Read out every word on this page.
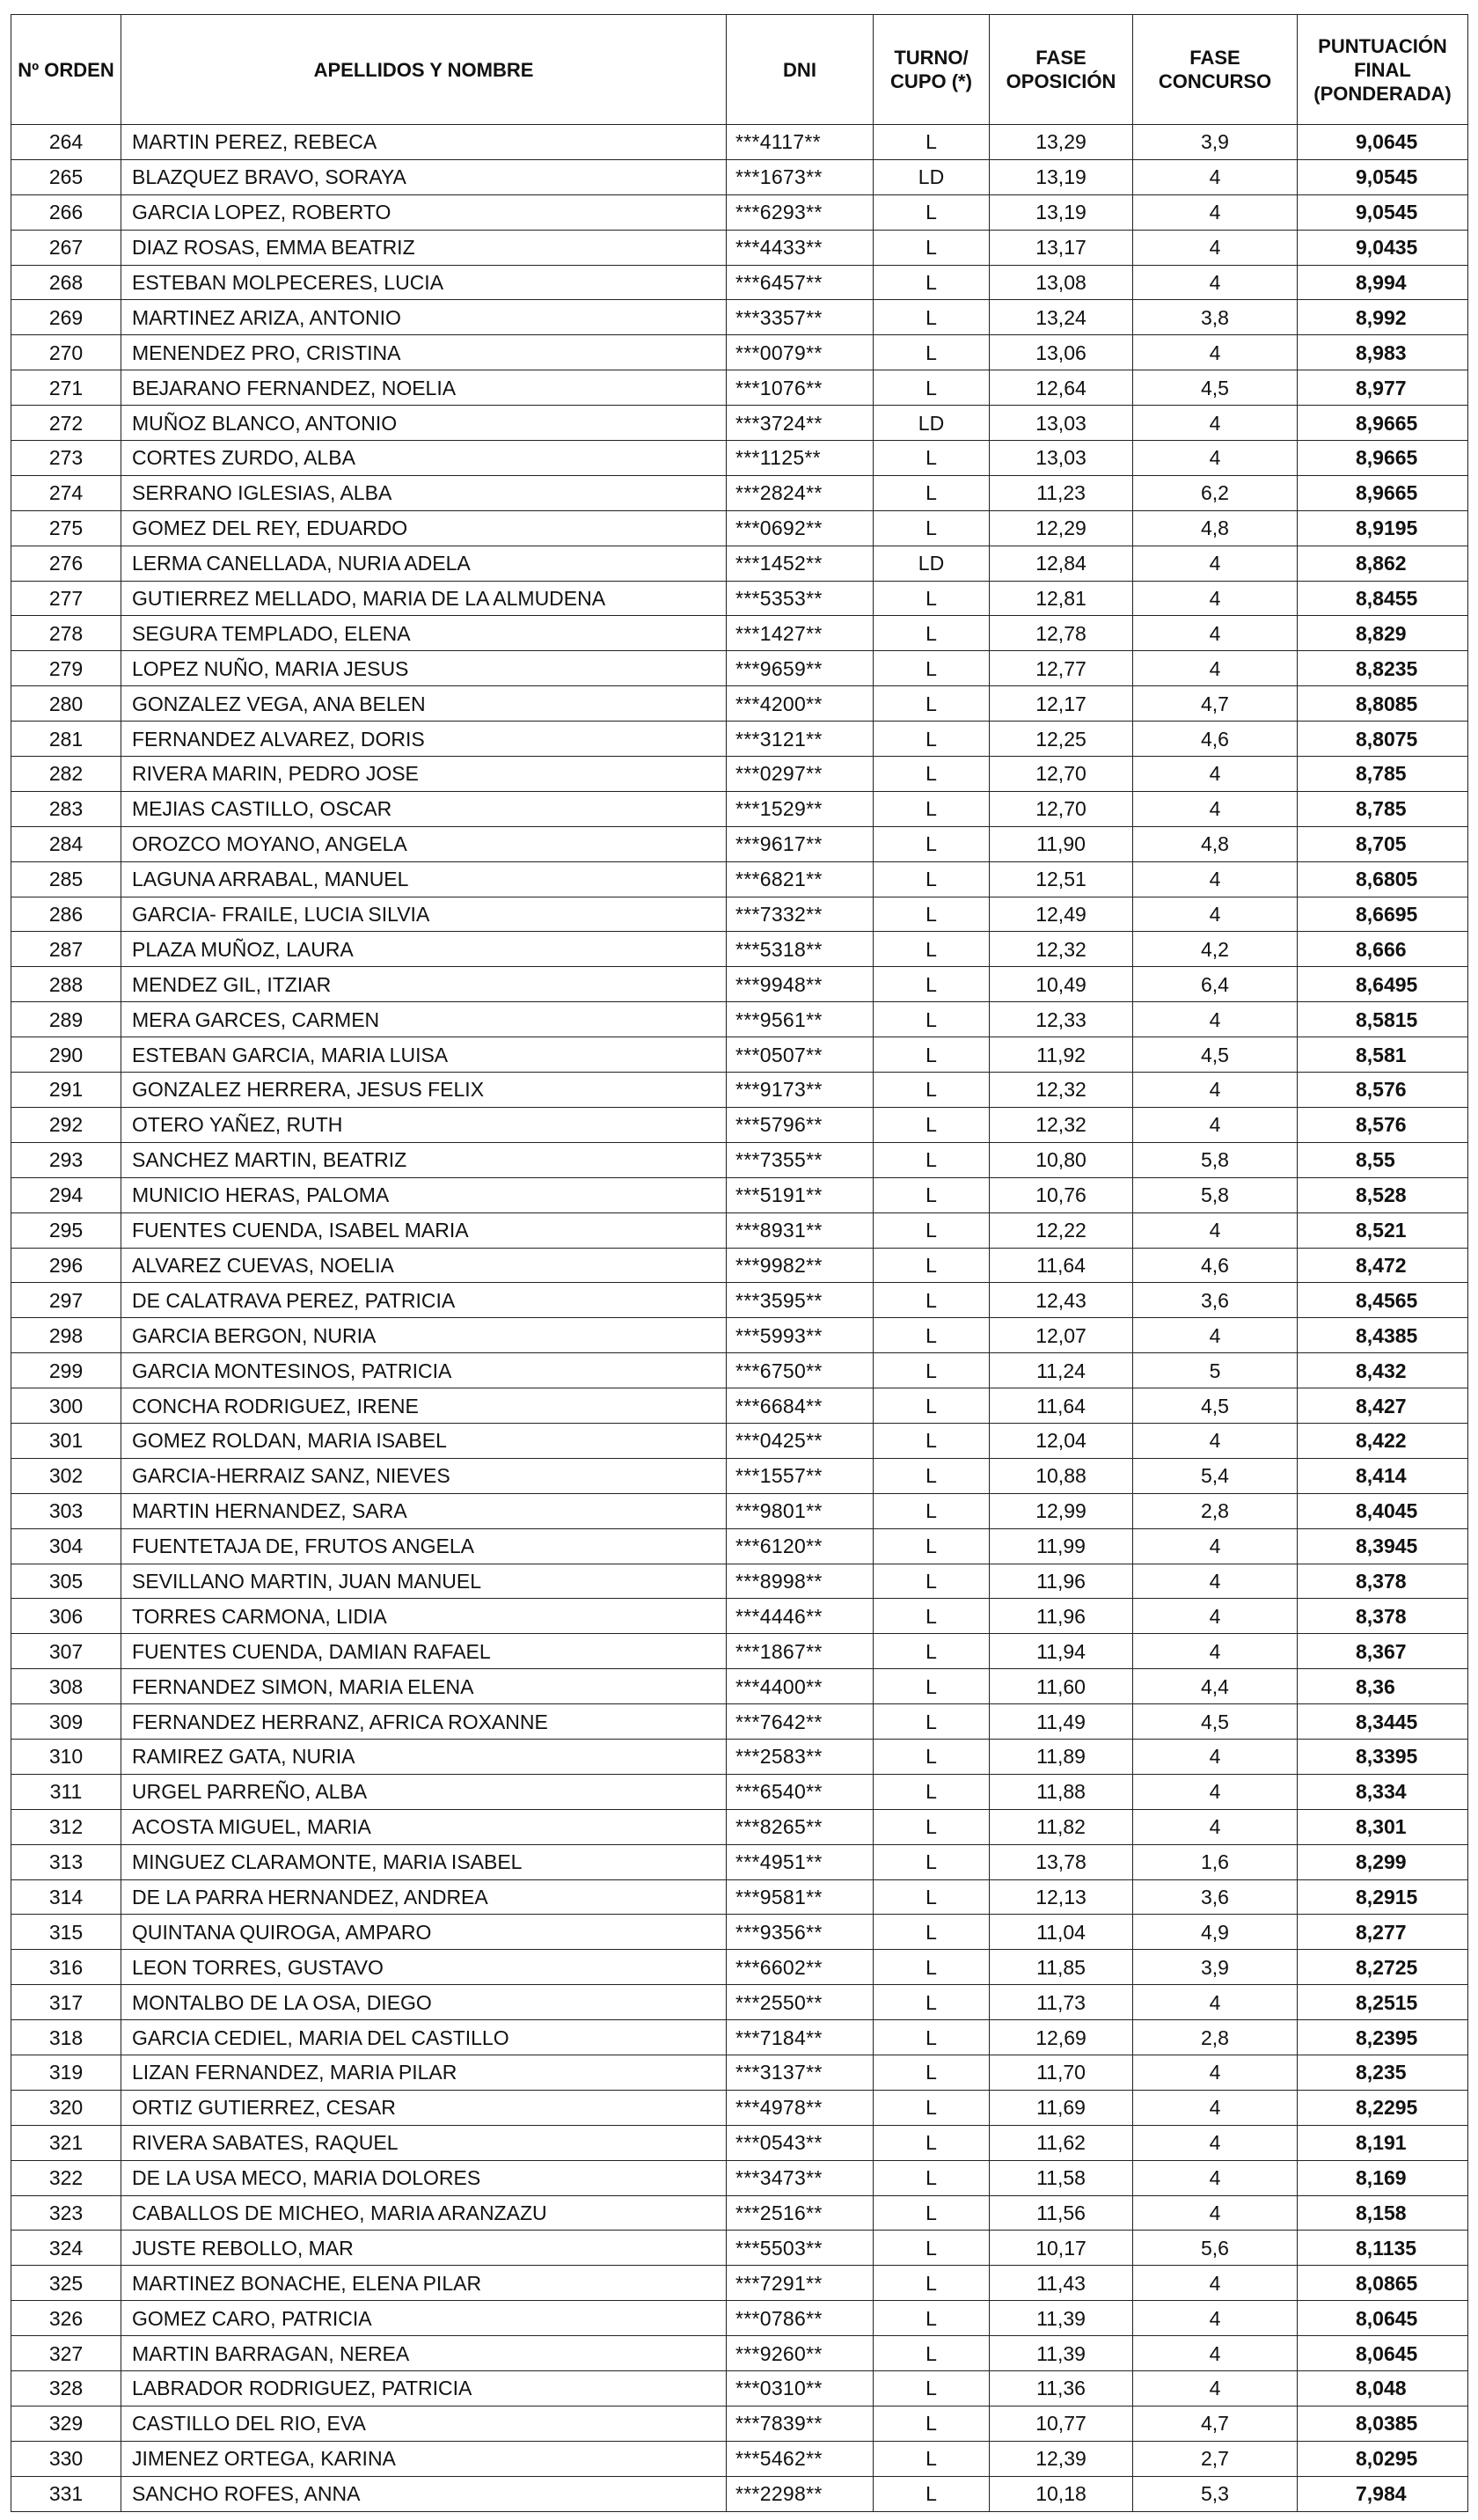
Nº ORDEN	APELLIDOS Y NOMBRE	DNI	TURNO/ CUPO (*)	FASE OPOSICIÓN	FASE CONCURSO	PUNTUACIÓN FINAL (PONDERADA)
264	MARTIN PEREZ, REBECA	***4117**	L	13,29	3,9	9,0645
265	BLAZQUEZ BRAVO, SORAYA	***1673**	LD	13,19	4	9,0545
266	GARCIA LOPEZ, ROBERTO	***6293**	L	13,19	4	9,0545
267	DIAZ ROSAS, EMMA BEATRIZ	***4433**	L	13,17	4	9,0435
268	ESTEBAN MOLPECERES, LUCIA	***6457**	L	13,08	4	8,994
269	MARTINEZ ARIZA, ANTONIO	***3357**	L	13,24	3,8	8,992
270	MENENDEZ PRO, CRISTINA	***0079**	L	13,06	4	8,983
271	BEJARANO FERNANDEZ, NOELIA	***1076**	L	12,64	4,5	8,977
272	MUÑOZ BLANCO, ANTONIO	***3724**	LD	13,03	4	8,9665
273	CORTES ZURDO, ALBA	***1125**	L	13,03	4	8,9665
274	SERRANO IGLESIAS, ALBA	***2824**	L	11,23	6,2	8,9665
275	GOMEZ DEL REY, EDUARDO	***0692**	L	12,29	4,8	8,9195
276	LERMA CANELLADA, NURIA ADELA	***1452**	LD	12,84	4	8,862
277	GUTIERREZ MELLADO, MARIA DE LA ALMUDENA	***5353**	L	12,81	4	8,8455
278	SEGURA TEMPLADO, ELENA	***1427**	L	12,78	4	8,829
279	LOPEZ NUÑO, MARIA JESUS	***9659**	L	12,77	4	8,8235
280	GONZALEZ VEGA, ANA BELEN	***4200**	L	12,17	4,7	8,8085
281	FERNANDEZ ALVAREZ, DORIS	***3121**	L	12,25	4,6	8,8075
282	RIVERA MARIN, PEDRO JOSE	***0297**	L	12,70	4	8,785
283	MEJIAS CASTILLO, OSCAR	***1529**	L	12,70	4	8,785
284	OROZCO MOYANO, ANGELA	***9617**	L	11,90	4,8	8,705
285	LAGUNA ARRABAL, MANUEL	***6821**	L	12,51	4	8,6805
286	GARCIA- FRAILE, LUCIA SILVIA	***7332**	L	12,49	4	8,6695
287	PLAZA MUÑOZ, LAURA	***5318**	L	12,32	4,2	8,666
288	MENDEZ GIL, ITZIAR	***9948**	L	10,49	6,4	8,6495
289	MERA GARCES, CARMEN	***9561**	L	12,33	4	8,5815
290	ESTEBAN GARCIA, MARIA LUISA	***0507**	L	11,92	4,5	8,581
291	GONZALEZ HERRERA, JESUS FELIX	***9173**	L	12,32	4	8,576
292	OTERO YAÑEZ, RUTH	***5796**	L	12,32	4	8,576
293	SANCHEZ MARTIN, BEATRIZ	***7355**	L	10,80	5,8	8,55
294	MUNICIO HERAS, PALOMA	***5191**	L	10,76	5,8	8,528
295	FUENTES CUENDA, ISABEL MARIA	***8931**	L	12,22	4	8,521
296	ALVAREZ CUEVAS, NOELIA	***9982**	L	11,64	4,6	8,472
297	DE CALATRAVA PEREZ, PATRICIA	***3595**	L	12,43	3,6	8,4565
298	GARCIA BERGON, NURIA	***5993**	L	12,07	4	8,4385
299	GARCIA MONTESINOS, PATRICIA	***6750**	L	11,24	5	8,432
300	CONCHA RODRIGUEZ, IRENE	***6684**	L	11,64	4,5	8,427
301	GOMEZ ROLDAN, MARIA ISABEL	***0425**	L	12,04	4	8,422
302	GARCIA-HERRAIZ SANZ, NIEVES	***1557**	L	10,88	5,4	8,414
303	MARTIN HERNANDEZ, SARA	***9801**	L	12,99	2,8	8,4045
304	FUENTETAJA DE, FRUTOS ANGELA	***6120**	L	11,99	4	8,3945
305	SEVILLANO MARTIN, JUAN MANUEL	***8998**	L	11,96	4	8,378
306	TORRES CARMONA, LIDIA	***4446**	L	11,96	4	8,378
307	FUENTES CUENDA, DAMIAN RAFAEL	***1867**	L	11,94	4	8,367
308	FERNANDEZ SIMON, MARIA ELENA	***4400**	L	11,60	4,4	8,36
309	FERNANDEZ HERRANZ, AFRICA ROXANNE	***7642**	L	11,49	4,5	8,3445
310	RAMIREZ GATA, NURIA	***2583**	L	11,89	4	8,3395
311	URGEL PARREÑO, ALBA	***6540**	L	11,88	4	8,334
312	ACOSTA MIGUEL, MARIA	***8265**	L	11,82	4	8,301
313	MINGUEZ CLARAMONTE, MARIA ISABEL	***4951**	L	13,78	1,6	8,299
314	DE LA PARRA HERNANDEZ, ANDREA	***9581**	L	12,13	3,6	8,2915
315	QUINTANA QUIROGA, AMPARO	***9356**	L	11,04	4,9	8,277
316	LEON TORRES, GUSTAVO	***6602**	L	11,85	3,9	8,2725
317	MONTALBO DE LA OSA, DIEGO	***2550**	L	11,73	4	8,2515
318	GARCIA CEDIEL, MARIA DEL CASTILLO	***7184**	L	12,69	2,8	8,2395
319	LIZAN FERNANDEZ, MARIA PILAR	***3137**	L	11,70	4	8,235
320	ORTIZ GUTIERREZ, CESAR	***4978**	L	11,69	4	8,2295
321	RIVERA SABATES, RAQUEL	***0543**	L	11,62	4	8,191
322	DE LA USA MECO, MARIA DOLORES	***3473**	L	11,58	4	8,169
323	CABALLOS DE MICHEO, MARIA ARANZAZU	***2516**	L	11,56	4	8,158
324	JUSTE REBOLLO, MAR	***5503**	L	10,17	5,6	8,1135
325	MARTINEZ BONACHE, ELENA PILAR	***7291**	L	11,43	4	8,0865
326	GOMEZ CARO, PATRICIA	***0786**	L	11,39	4	8,0645
327	MARTIN BARRAGAN, NEREA	***9260**	L	11,39	4	8,0645
328	LABRADOR RODRIGUEZ, PATRICIA	***0310**	L	11,36	4	8,048
329	CASTILLO DEL RIO, EVA	***7839**	L	10,77	4,7	8,0385
330	JIMENEZ ORTEGA, KARINA	***5462**	L	12,39	2,7	8,0295
331	SANCHO ROFES, ANNA	***2298**	L	10,18	5,3	7,984
